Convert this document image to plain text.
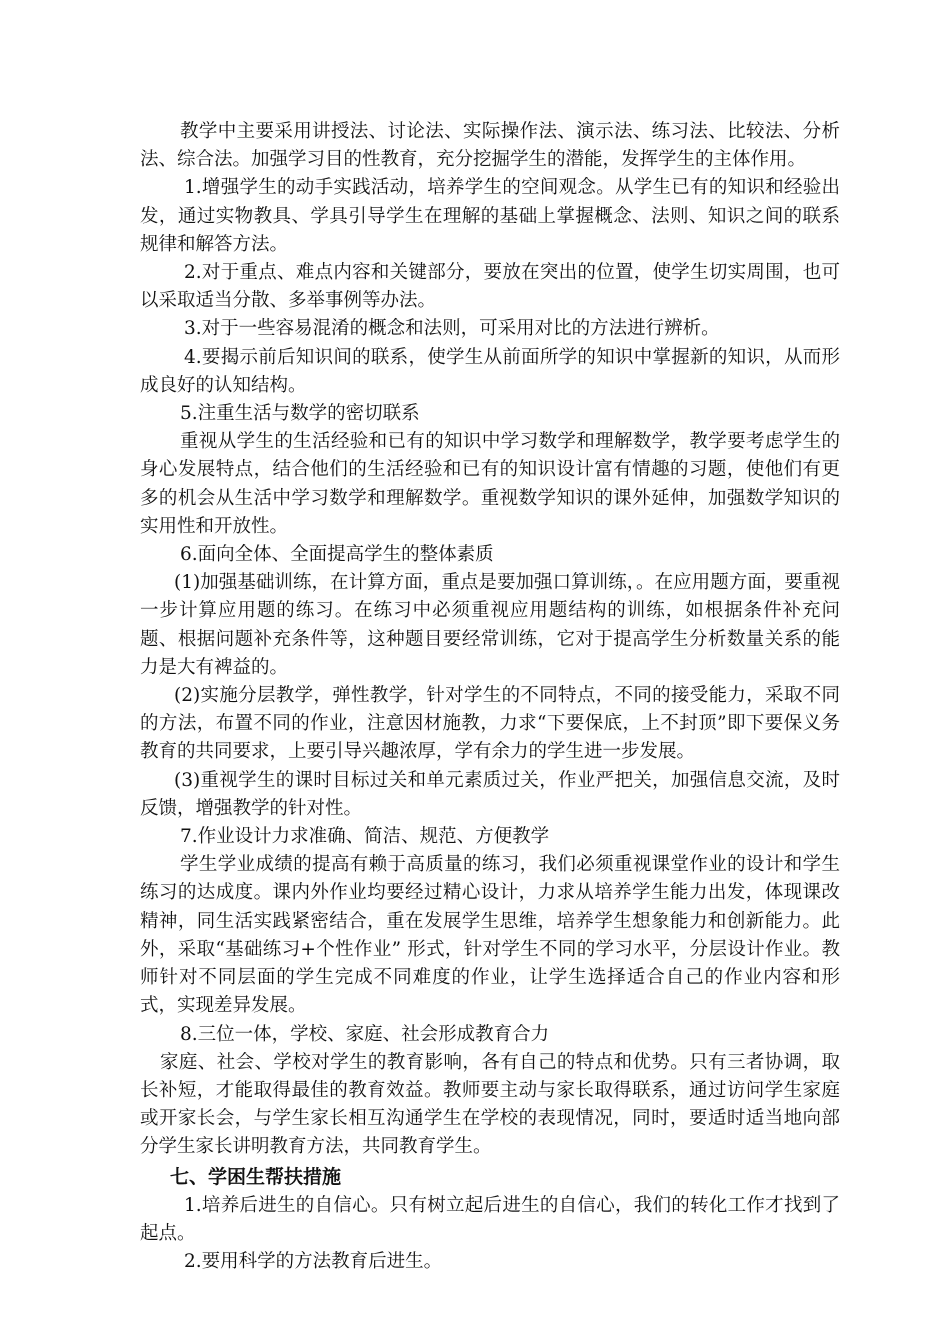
教学中主要采用讲授法、讨论法、实际操作法、演示法、练习法、比较法、分析法、综合法。加强学习目的性教育，充分挖掘学生的潜能，发挥学生的主体作用。

1.增强学生的动手实践活动，培养学生的空间观念。从学生已有的知识和经验出发，通过实物教具、学具引导学生在理解的基础上掌握概念、法则、知识之间的联系规律和解答方法。

2.对于重点、难点内容和关键部分，要放在突出的位置，使学生切实周围，也可以采取适当分散、多举事例等办法。

3.对于一些容易混淆的概念和法则，可采用对比的方法进行辨析。

4.要揭示前后知识间的联系，使学生从前面所学的知识中掌握新的知识，从而形成良好的认知结构。

5.注重生活与数学的密切联系

重视从学生的生活经验和已有的知识中学习数学和理解数学，教学要考虑学生的身心发展特点，结合他们的生活经验和已有的知识设计富有情趣的习题，使他们有更多的机会从生活中学习数学和理解数学。重视数学知识的课外延伸，加强数学知识的实用性和开放性。

6.面向全体、全面提高学生的整体素质

(1)加强基础训练，在计算方面，重点是要加强口算训练，。在应用题方面，要重视一步计算应用题的练习。在练习中必须重视应用题结构的训练，如根据条件补充问题、根据问题补充条件等，这种题目要经常训练，它对于提高学生分析数量关系的能力是大有裨益的。

(2)实施分层教学，弹性教学，针对学生的不同特点，不同的接受能力，采取不同的方法，布置不同的作业，注意因材施教，力求“下要保底，上不封顶”即下要保义务教育的共同要求，上要引导兴趣浓厚，学有余力的学生进一步发展。

(3)重视学生的课时目标过关和单元素质过关，作业严把关，加强信息交流，及时反馈，增强教学的针对性。

7.作业设计力求准确、简洁、规范、方便教学

学生学业成绩的提高有赖于高质量的练习，我们必须重视课堂作业的设计和学生练习的达成度。课内外作业均要经过精心设计，力求从培养学生能力出发，体现课改精神，同生活实践紧密结合，重在发展学生思维，培养学生想象能力和创新能力。此外，采取“基础练习+个性作业” 形式，针对学生不同的学习水平，分层设计作业。教师针对不同层面的学生完成不同难度的作业，让学生选择适合自己的作业内容和形式，实现差异发展。

8.三位一体，学校、家庭、社会形成教育合力

家庭、社会、学校对学生的教育影响，各有自己的特点和优势。只有三者协调，取长补短，才能取得最佳的教育效益。教师要主动与家长取得联系，通过访问学生家庭或开家长会，与学生家长相互沟通学生在学校的表现情况，同时，要适时适当地向部分学生家长讲明教育方法，共同教育学生。

七、学困生帮扶措施

1.培养后进生的自信心。只有树立起后进生的自信心，我们的转化工作才找到了起点。

2.要用科学的方法教育后进生。
